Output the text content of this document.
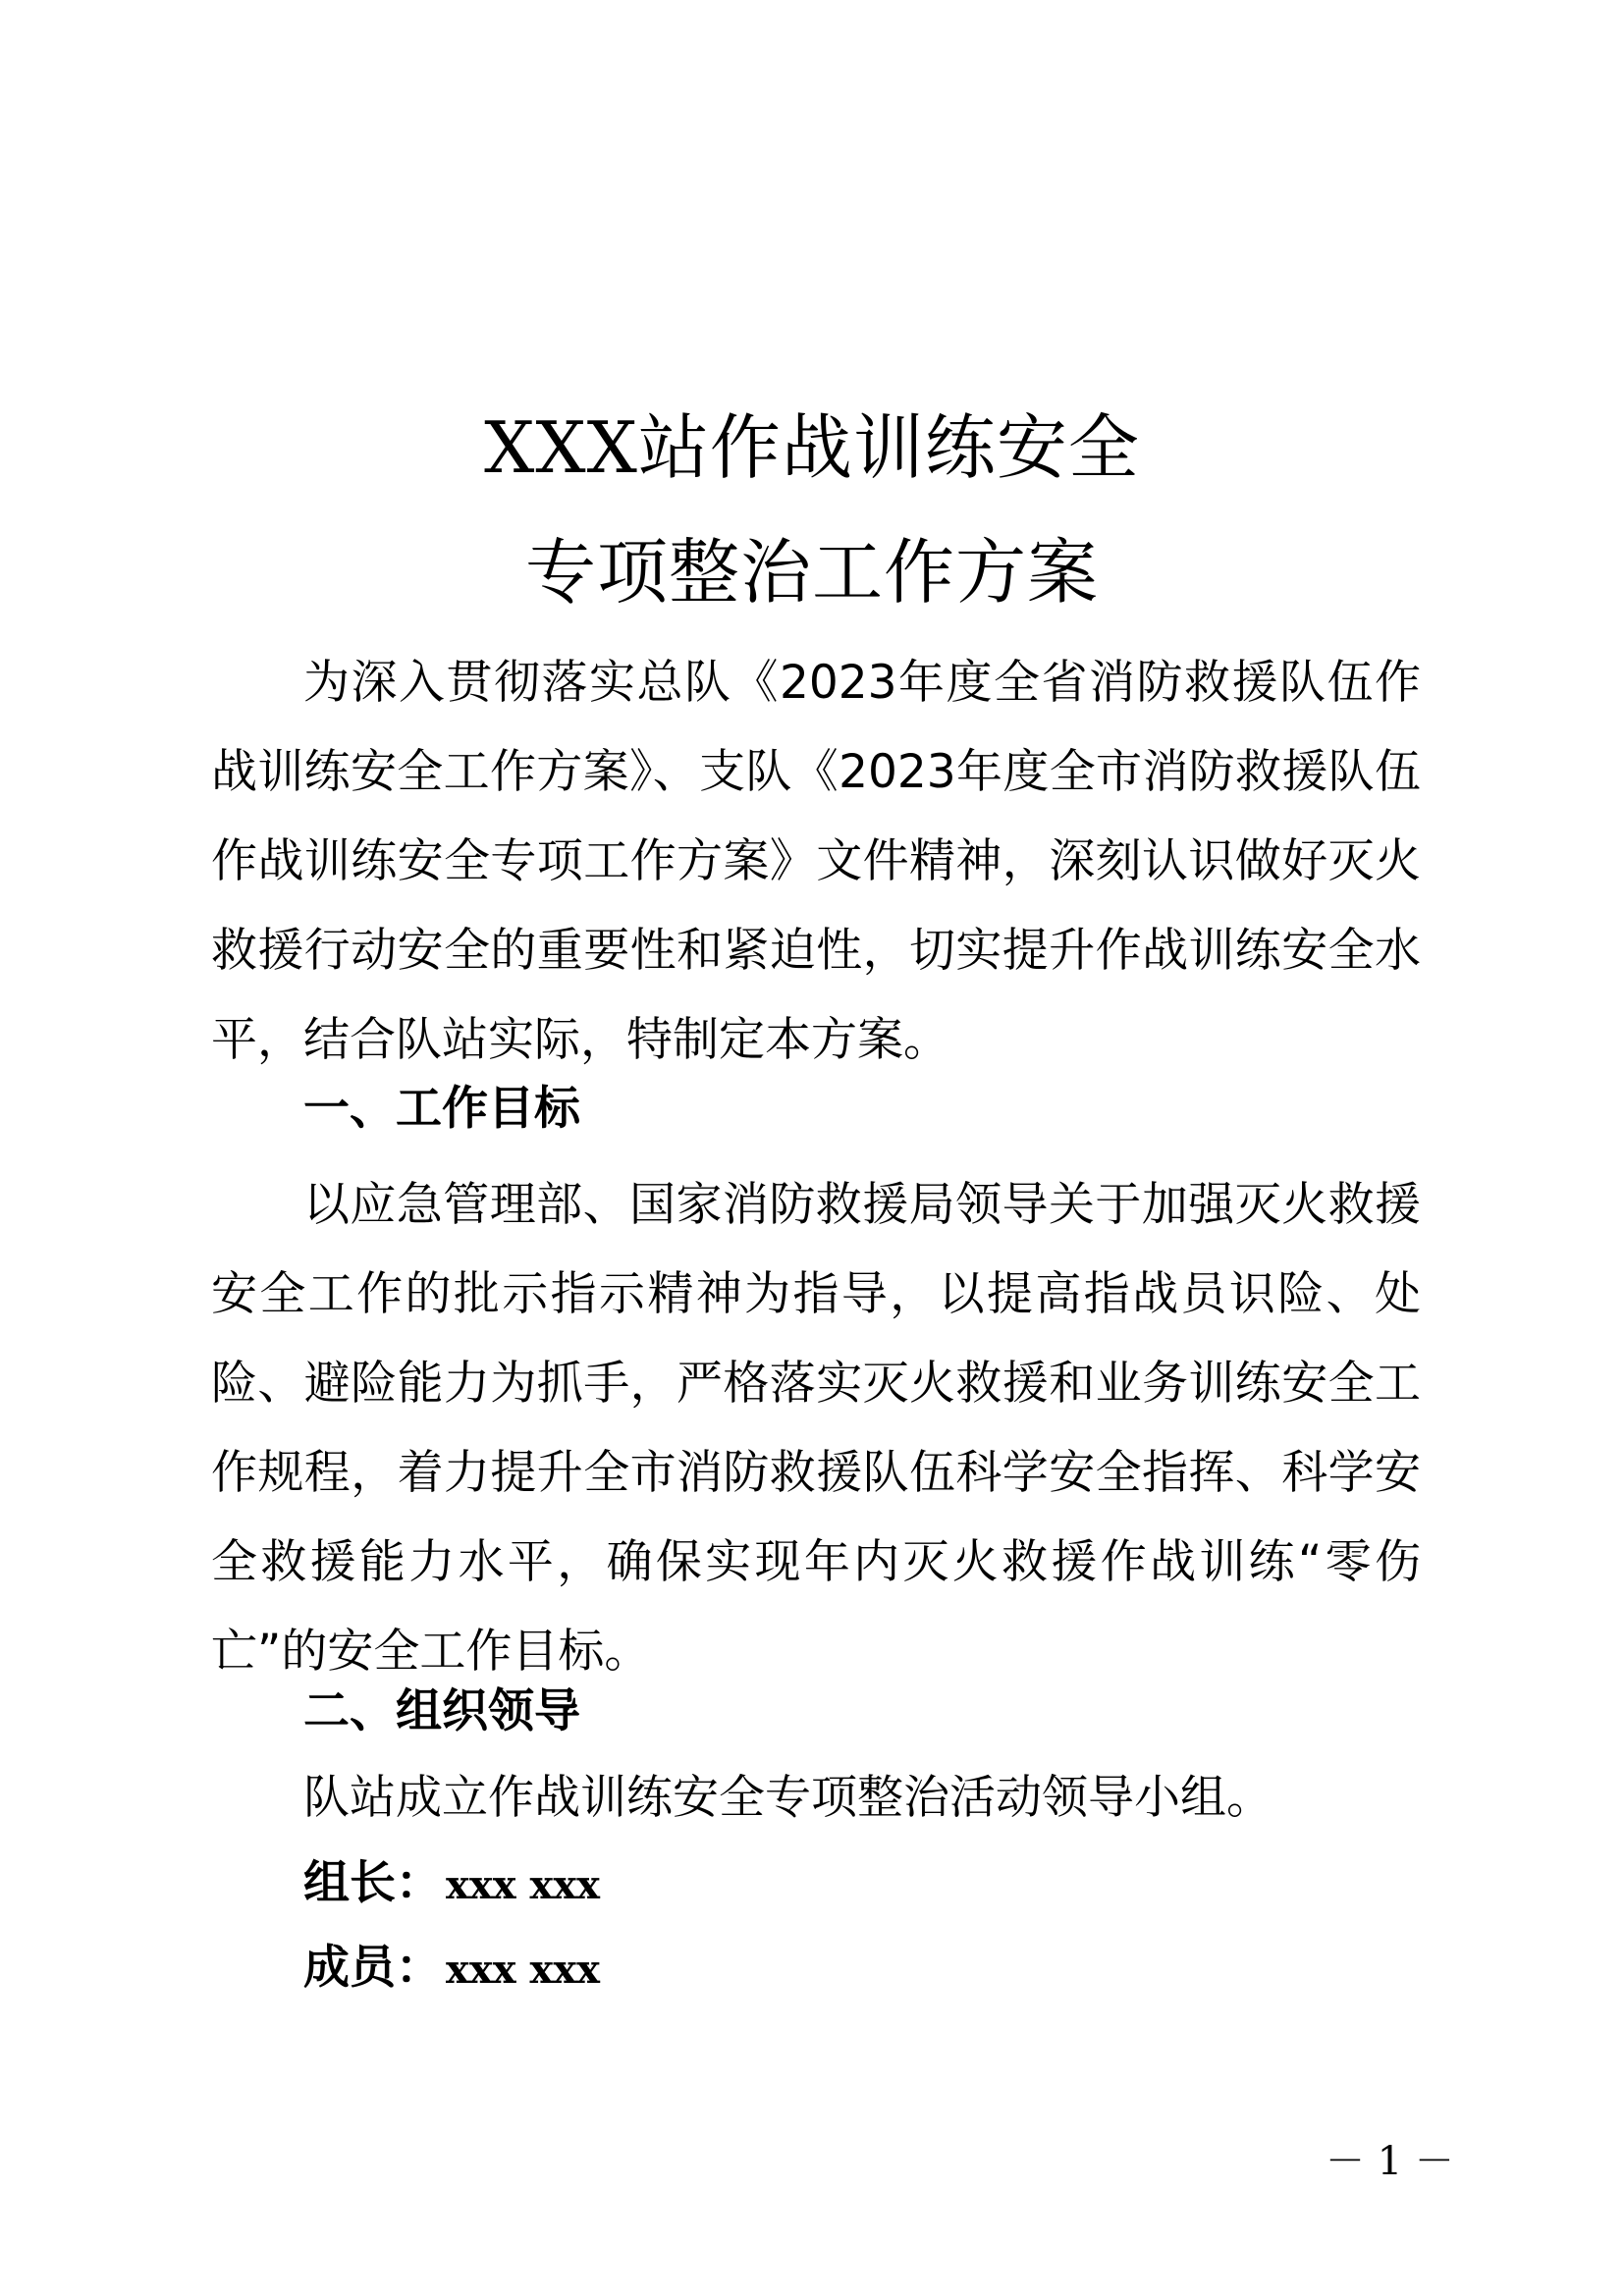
XXX站作战训练安全
专项整治工作方案
为深入贯彻落实总队《2023年度全省消防救援队伍作战训练安全工作方案》、支队《2023年度全市消防救援队伍作战训练安全专项工作方案》文件精神，深刻认识做好灭火救援行动安全的重要性和紧迫性，切实提升作战训练安全水平，结合队站实际，特制定本方案。
一、工作目标
以应急管理部、国家消防救援局领导关于加强灭火救援安全工作的批示指示精神为指导，以提高指战员识险、处险、避险能力为抓手，严格落实灭火救援和业务训练安全工作规程，着力提升全市消防救援队伍科学安全指挥、科学安全救援能力水平，确保实现年内灭火救援作战训练“零伤亡”的安全工作目标。
二、组织领导
队站成立作战训练安全专项整治活动领导小组。
组长： xxx xxx
成员： xxx xxx
－ 1 －
